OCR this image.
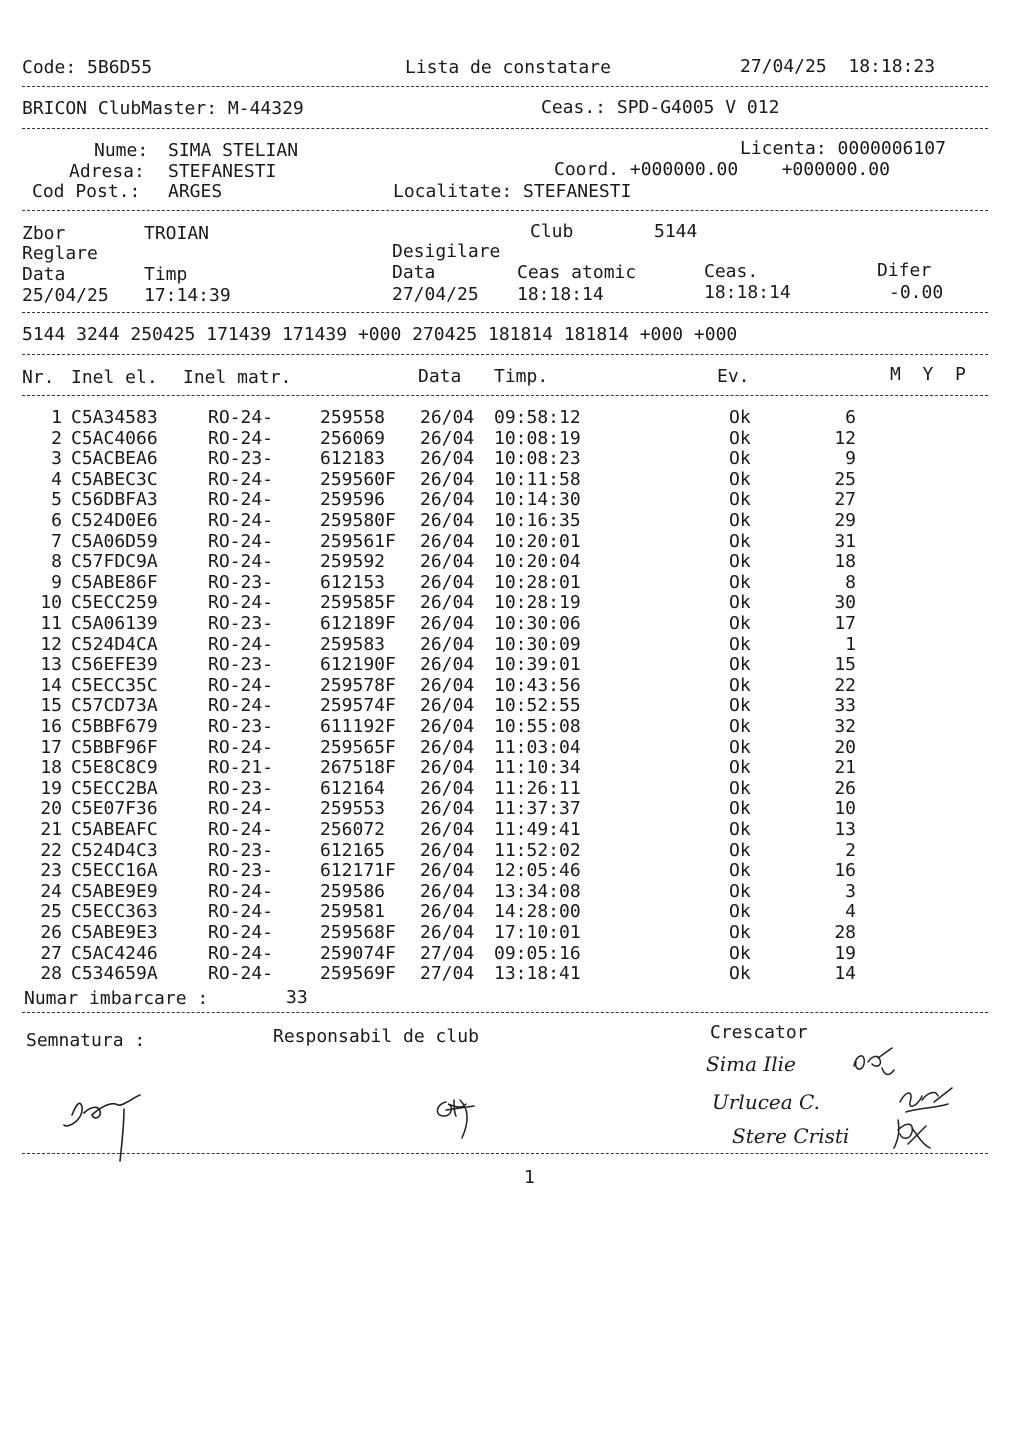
Code: 5B6D55	Lista de constatare	27/04/25  18:18:23
BRICON ClubMaster: M-44329	Ceas.: SPD-G4005 V 012
Nume: SIMA STELIAN	Licenta: 0000006107
Adresa: STEFANESTI	Coord. +000000.00    +000000.00
Cod Post.: ARGES	Localitate: STEFANESTI
Zbor	TROIAN	Club	5144
Reglare	Desigilare
Data	Timp	Data	Ceas atomic	Ceas.	Difer
25/04/25 17:14:39	27/04/25 18:18:14	18:18:14	-0.00
5144 3244 250425 171439 171439 +000 270425 181814 181814 +000 +000
Nr. Inel el. Inel matr.	Data Timp.	Ev.	M  Y  P
1 C5A34583	RO-24-	259558 26/04 09:58:12	Ok	6
2 C5AC4066	RO-24-	256069 26/04 10:08:19	Ok	12
3 C5ACBEA6	RO-23-	612183 26/04 10:08:23	Ok	9
4 C5ABEC3C	RO-24-	259560F 26/04 10:11:58	Ok	25
5 C56DBFA3	RO-24-	259596 26/04 10:14:30	Ok	27
6 C524D0E6	RO-24-	259580F 26/04 10:16:35	Ok	29
7 C5A06D59	RO-24-	259561F 26/04 10:20:01	Ok	31
8 C57FDC9A	RO-24-	259592 26/04 10:20:04	Ok	18
9 C5ABE86F	RO-23-	612153 26/04 10:28:01	Ok	8
10 C5ECC259	RO-24-	259585F 26/04 10:28:19	Ok	30
11 C5A06139	RO-23-	612189F 26/04 10:30:06	Ok	17
12 C524D4CA	RO-24-	259583 26/04 10:30:09	Ok	1
13 C56EFE39	RO-23-	612190F 26/04 10:39:01	Ok	15
14 C5ECC35C	RO-24-	259578F 26/04 10:43:56	Ok	22
15 C57CD73A	RO-24-	259574F 26/04 10:52:55	Ok	33
16 C5BBF679	RO-23-	611192F 26/04 10:55:08	Ok	32
17 C5BBF96F	RO-24-	259565F 26/04 11:03:04	Ok	20
18 C5E8C8C9	RO-21-	267518F 26/04 11:10:34	Ok	21
19 C5ECC2BA	RO-23-	612164 26/04 11:26:11	Ok	26
20 C5E07F36	RO-24-	259553 26/04 11:37:37	Ok	10
21 C5ABEAFC	RO-24-	256072 26/04 11:49:41	Ok	13
22 C524D4C3	RO-23-	612165 26/04 11:52:02	Ok	2
23 C5ECC16A	RO-23-	612171F 26/04 12:05:46	Ok	16
24 C5ABE9E9	RO-24-	259586 26/04 13:34:08	Ok	3
25 C5ECC363	RO-24-	259581 26/04 14:28:00	Ok	4
26 C5ABE9E3	RO-24-	259568F 26/04 17:10:01	Ok	28
27 C5AC4246	RO-24-	259074F 27/04 09:05:16	Ok	19
28 C534659A	RO-24-	259569F 27/04 13:18:41	Ok	14
Numar imbarcare :	33
Semnatura :	Responsabil de club	Crescator
Sima Ilie
Urlucea C.
Stere Cristi
1
